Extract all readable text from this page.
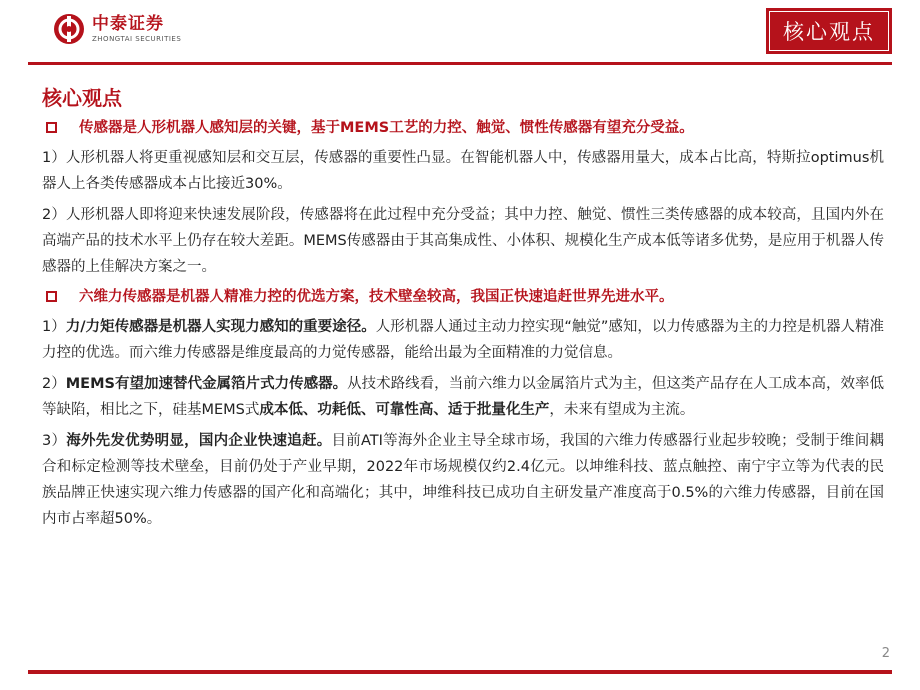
中泰证券
ZHONGTAI SECURITIES	核心观点
核心观点
传感器是人形机器人感知层的关键，基于MEMS工艺的力控、触觉、惯性传感器有望充分受益。

1）人形机器人将更重视感知层和交互层，传感器的重要性凸显。在智能机器人中，传感器用量大，成本占比高，特斯拉optimus机器人上各类传感器成本占比接近30%。

2）人形机器人即将迎来快速发展阶段，传感器将在此过程中充分受益；其中力控、触觉、惯性三类传感器的成本较高，且国内外在高端产品的技术水平上仍存在较大差距。MEMS传感器由于其高集成性、小体积、规模化生产成本低等诸多优势，是应用于机器人传感器的上佳解决方案之一。

六维力传感器是机器人精准力控的优选方案，技术壁垒较高，我国正快速追赶世界先进水平。

1）力/力矩传感器是机器人实现力感知的重要途径。人形机器人通过主动力控实现“触觉”感知，以力传感器为主的力控是机器人精准力控的优选。而六维力传感器是维度最高的力觉传感器，能给出最为全面精准的力觉信息。

2）MEMS有望加速替代金属箔片式力传感器。从技术路线看，当前六维力以金属箔片式为主，但这类产品存在人工成本高，效率低等缺陷，相比之下，硅基MEMS式成本低、功耗低、可靠性高、适于批量化生产，未来有望成为主流。

3）海外先发优势明显，国内企业快速追赶。目前ATI等海外企业主导全球市场，我国的六维力传感器行业起步较晚；受制于维间耦合和标定检测等技术壁垒，目前仍处于产业早期，2022年市场规模仅约2.4亿元。以坤维科技、蓝点触控、南宁宇立等为代表的民族品牌正快速实现六维力传感器的国产化和高端化；其中，坤维科技已成功自主研发量产准度高于0.5%的六维力传感器，目前在国内市占率超50%。

2
